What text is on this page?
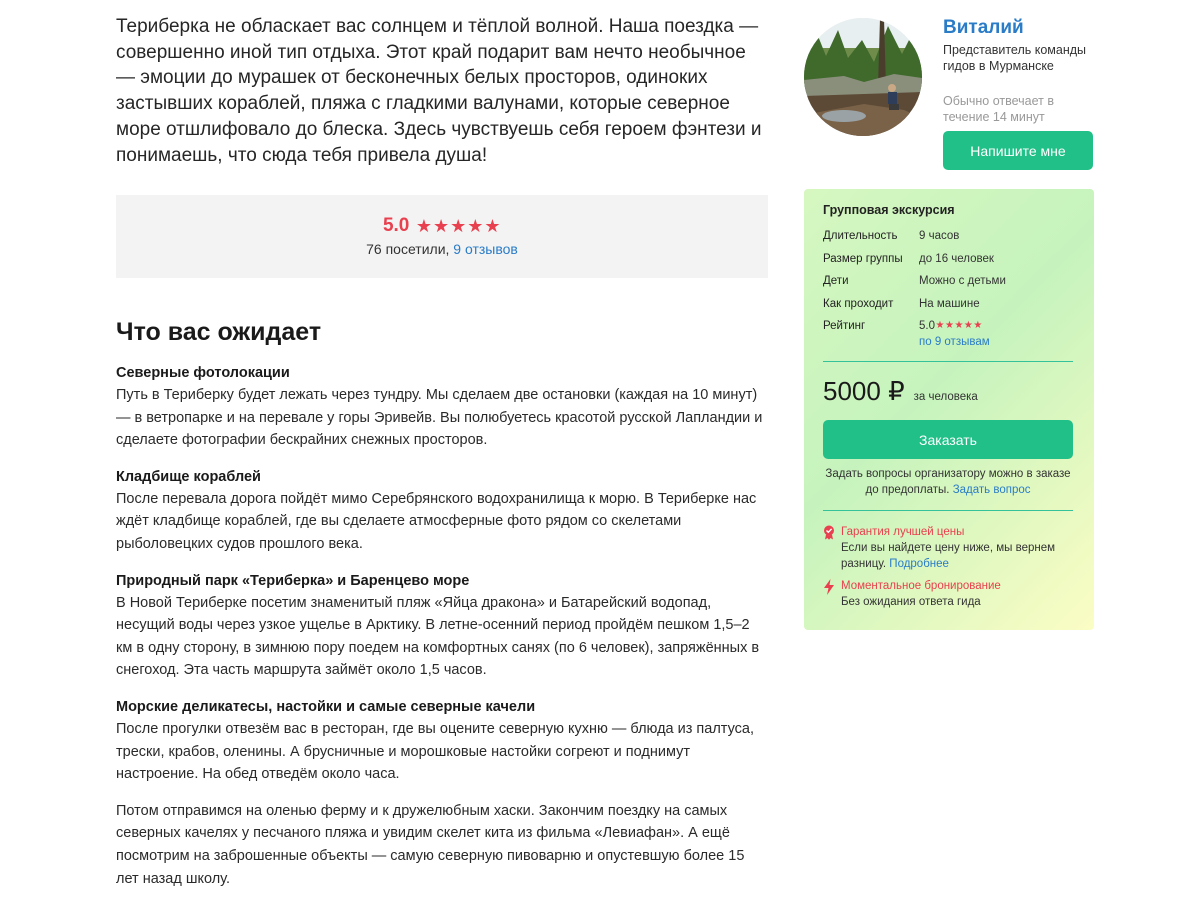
Териберка не обласкает вас солнцем и тёплой волной. Наша поездка — совершенно иной тип отдыха. Этот край подарит вам нечто необычное — эмоции до мурашек от бесконечных белых просторов, одиноких застывших кораблей, пляжа с гладкими валунами, которые северное море отшлифовало до блеска. Здесь чувствуешь себя героем фэнтези и понимаешь, что сюда тебя привела душа!

5.0 ★ ★ ★ ★ ★
76 посетили, 9 отзывов
Что вас ожидает
Северные фотолокации
Путь в Териберку будет лежать через тундру. Мы сделаем две остановки (каждая на 10 минут) — в ветропарке и на перевале у горы Эривейв. Вы полюбуетесь красотой русской Лапландии и сделаете фотографии бескрайних снежных просторов.
Кладбище кораблей
После перевала дорога пойдёт мимо Серебрянского водохранилища к морю. В Териберке нас ждёт кладбище кораблей, где вы сделаете атмосферные фото рядом со скелетами рыболовецких судов прошлого века.
Природный парк «Териберка» и Баренцево море
В Новой Териберке посетим знаменитый пляж «Яйца дракона» и Батарейский водопад, несущий воды через узкое ущелье в Арктику. В летне-осенний период пройдём пешком 1,5–2 км в одну сторону, в зимнюю пору поедем на комфортных санях (по 6 человек), запряжённых в снегоход. Эта часть маршрута займёт около 1,5 часов.
Морские деликатесы, настойки и самые северные качели
После прогулки отвезём вас в ресторан, где вы оцените северную кухню — блюда из палтуса, трески, крабов, оленины. А брусничные и морошковые настойки согреют и поднимут настроение. На обед отведём около часа.
Потом отправимся на оленью ферму и к дружелюбным хаски. Закончим поездку на самых северных качелях у песчаного пляжа и увидим скелет кита из фильма «Левиафан». А ещё посмотрим на заброшенные объекты — самую северную пивоварню и опустевшую более 15 лет назад школу.
Виталий
Представитель команды гидов в Мурманске
Обычно отвечает в течение 14 минут
Напишите мне
Групповая экскурсия
Длительность	9 часов
Размер группы	до 16 человек
Дети	Можно с детьми
Как проходит	На машине
Рейтинг	5.0 ★ ★ ★ ★ ★
по 9 отзывам
5000 ₽ за человека
Заказать
Задать вопросы организатору можно в заказе до предоплаты. Задать вопрос
Гарантия лучшей цены
Если вы найдете цену ниже, мы вернем разницу. Подробнее
Моментальное бронирование
Без ожидания ответа гида
